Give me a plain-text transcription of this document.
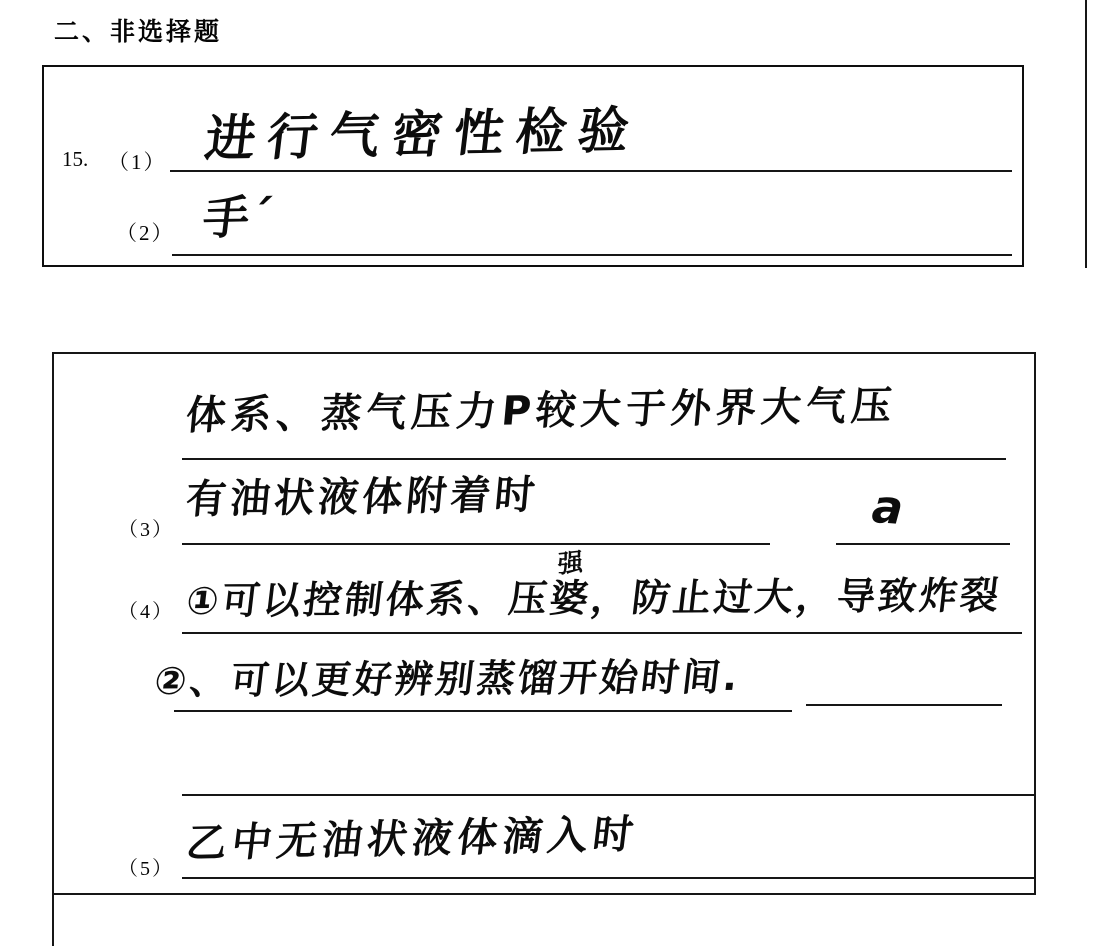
二、非选择题
15. （1） 进行气密性检验
（2） 手ˊ
体系、蒸气压力P较大于外界大气压
（3）
有油状液体附着时	a
（4） ①可以控制体系、压婆
强
，防止过大，导致炸裂
②、可以更好辨别蒸馏开始时间.
（5）
乙中无油状液体滴入时
